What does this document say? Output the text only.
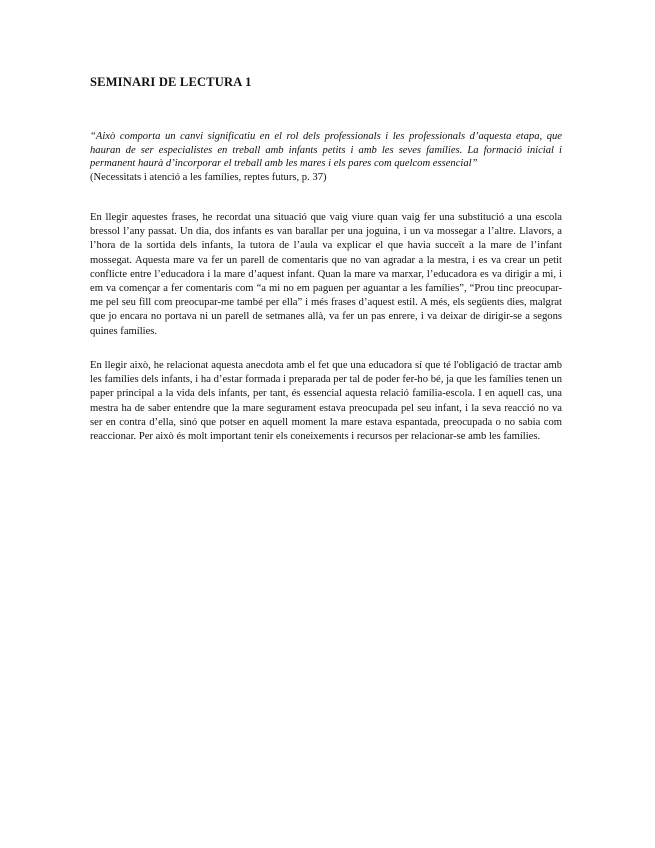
SEMINARI DE LECTURA 1

“Això comporta un canvi significatiu en el rol dels professionals i les professionals d’aquesta etapa, que hauran de ser especialistes en treball amb infants petits i amb les seves famílies. La formació inicial i permanent haurà d’incorporar el treball amb les mares i els pares com quelcom essencial”

(Necessitats i atenció a les famílies, reptes futurs, p. 37)

En llegir aquestes frases, he recordat una situació que vaig viure quan vaig fer una substitució a una escola bressol l’any passat. Un dia, dos infants es van barallar per una joguina, i un va mossegar a l’altre. Llavors, a l’hora de la sortida dels infants, la tutora de l’aula va explicar el que havia succeït a la mare de l’infant mossegat. Aquesta mare va fer un parell de comentaris que no van agradar a la mestra, i es va crear un petit conflicte entre l’educadora i la mare d’aquest infant. Quan la mare va marxar, l’educadora es va dirigir a mi, i em va començar a fer comentaris com “a mi no em paguen per aguantar a les famílies”, “Prou tinc preocupar-me pel seu fill com preocupar-me també per ella” i més frases d’aquest estil. A més, els següents dies, malgrat que jo encara no portava ni un parell de setmanes allà, va fer un pas enrere, i va deixar de dirigir-se a segons quines famílies.

En llegir això, he relacionat aquesta anecdota amb el fet que una educadora sí que té l'obligació de tractar amb les famílies dels infants, i ha d’estar formada i preparada per tal de poder fer-ho bé, ja que les famílies tenen un paper principal a la vida dels infants, per tant, és essencial aquesta relació família-escola. I en aquell cas, una mestra ha de saber entendre que la mare segurament estava preocupada pel seu infant, i la seva reacció no va ser en contra d’ella, sinó que potser en aquell moment la mare estava espantada, preocupada o no sabia com reaccionar. Per això és molt important tenir els coneixements i recursos per relacionar-se amb les famílies.
